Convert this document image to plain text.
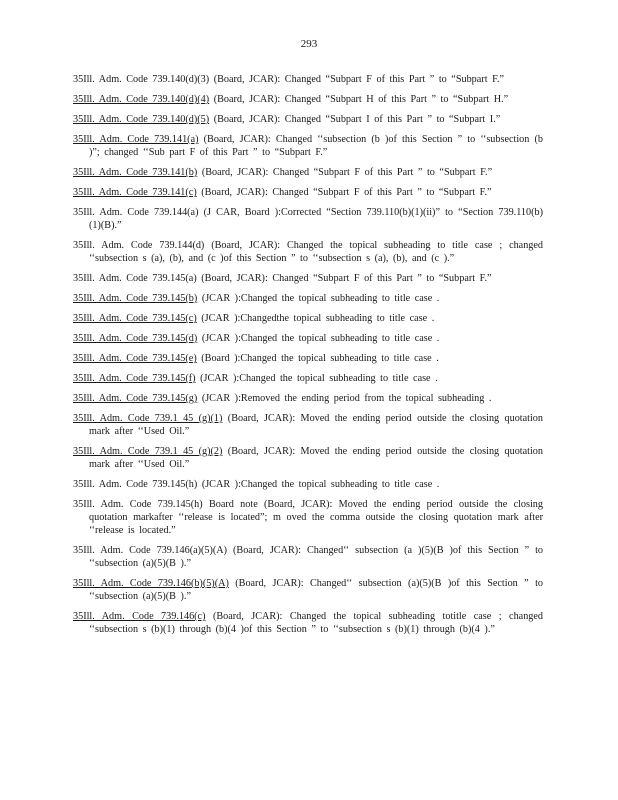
293
35Ill. Adm. Code 739.140(d)(3) (Board, JCAR): Changed “Subpart F of this Part ” to “Subpart F.”
35Ill. Adm. Code 739.140(d)(4) (Board, JCAR): Changed “Subpart H of this Part ” to “Subpart H.”
35Ill. Adm. Code 739.140(d)(5) (Board, JCAR): Changed “Subpart I of this Part ” to “Subpart I.”
35Ill. Adm. Code 739.141(a) (Board, JCAR): Changed ‘‘subsection (b )of this Section ” to ‘‘subsection (b )”; changed ‘‘Sub part F of this Part ” to “Subpart F.”
35Ill. Adm. Code 739.141(b) (Board, JCAR): Changed “Subpart F of this Part ” to “Subpart F.”
35Ill. Adm. Code 739.141(c) (Board, JCAR): Changed “Subpart F of this Part ” to “Subpart F.”
35Ill. Adm. Code 739.144(a) (J CAR, Board ):Corrected “Section 739.110(b)(1)(ii)” to “Section 739.110(b)(1)(B).”
35Ill. Adm. Code 739.144(d) (Board, JCAR): Changed the topical subheading to title case ; changed ‘‘subsection s (a), (b), and (c )of this Section ” to ‘‘subsection s (a), (b), and (c ).”
35Ill. Adm. Code 739.145(a) (Board, JCAR): Changed “Subpart F of this Part ” to “Subpart F.”
35Ill. Adm. Code 739.145(b) (JCAR ):Changed the topical subheading to title case .
35Ill. Adm. Code 739.145(c) (JCAR ):Changedthe topical subheading to title case .
35Ill. Adm. Code 739.145(d) (JCAR ):Changed the topical subheading to title case .
35Ill. Adm. Code 739.145(e) (Board ):Changed the topical subheading to title case .
35Ill. Adm. Code 739.145(f) (JCAR ):Changed the topical subheading to title case .
35Ill. Adm. Code 739.145(g) (JCAR ):Removed the ending period from the topical subheading .
35Ill. Adm. Code 739.1 45 (g)(1) (Board, JCAR): Moved the ending period outside the closing quotation mark after ‘‘Used Oil.”
35Ill. Adm. Code 739.1 45 (g)(2) (Board, JCAR): Moved the ending period outside the closing quotation mark after ‘‘Used Oil.”
35Ill. Adm. Code 739.145(h) (JCAR ):Changed the topical subheading to title case .
35Ill. Adm. Code 739.145(h) Board note (Board, JCAR): Moved the ending period outside the closing quotation markafter ‘‘release is located”; m oved the comma outside the closing quotation mark after ‘‘release is located.”
35Ill. Adm. Code 739.146(a)(5)(A) (Board, JCAR): Changed‘‘ subsection (a )(5)(B )of this Section ” to ‘‘subsection (a)(5)(B ).”
35Ill. Adm. Code 739.146(b)(5)(A) (Board, JCAR): Changed‘‘ subsection (a)(5)(B )of this Section ” to ‘‘subsection (a)(5)(B ).”
35Ill. Adm. Code 739.146(c) (Board, JCAR): Changed the topical subheading totitle case ; changed ‘‘subsection s (b)(1) through (b)(4 )of this Section ” to ‘‘subsection s (b)(1) through (b)(4 ).”
